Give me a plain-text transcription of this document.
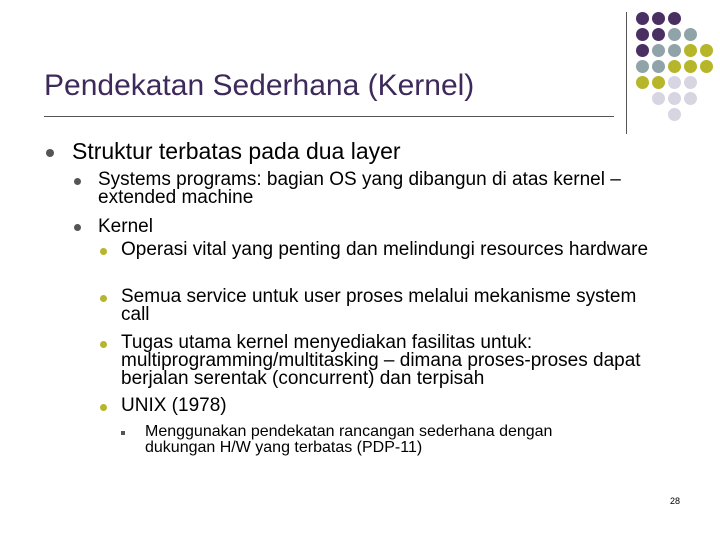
Pendekatan Sederhana (Kernel)

Struktur terbatas pada dua layer

Systems programs: bagian OS yang dibangun di atas kernel – extended machine

Kernel

Operasi vital yang penting dan melindungi resources hardware

Semua service untuk user proses melalui mekanisme system call

Tugas utama kernel menyediakan fasilitas untuk: multiprogramming/multitasking – dimana proses-proses dapat berjalan serentak (concurrent) dan terpisah

UNIX (1978)

Menggunakan pendekatan rancangan sederhana dengan dukungan H/W yang terbatas (PDP-11)

28
